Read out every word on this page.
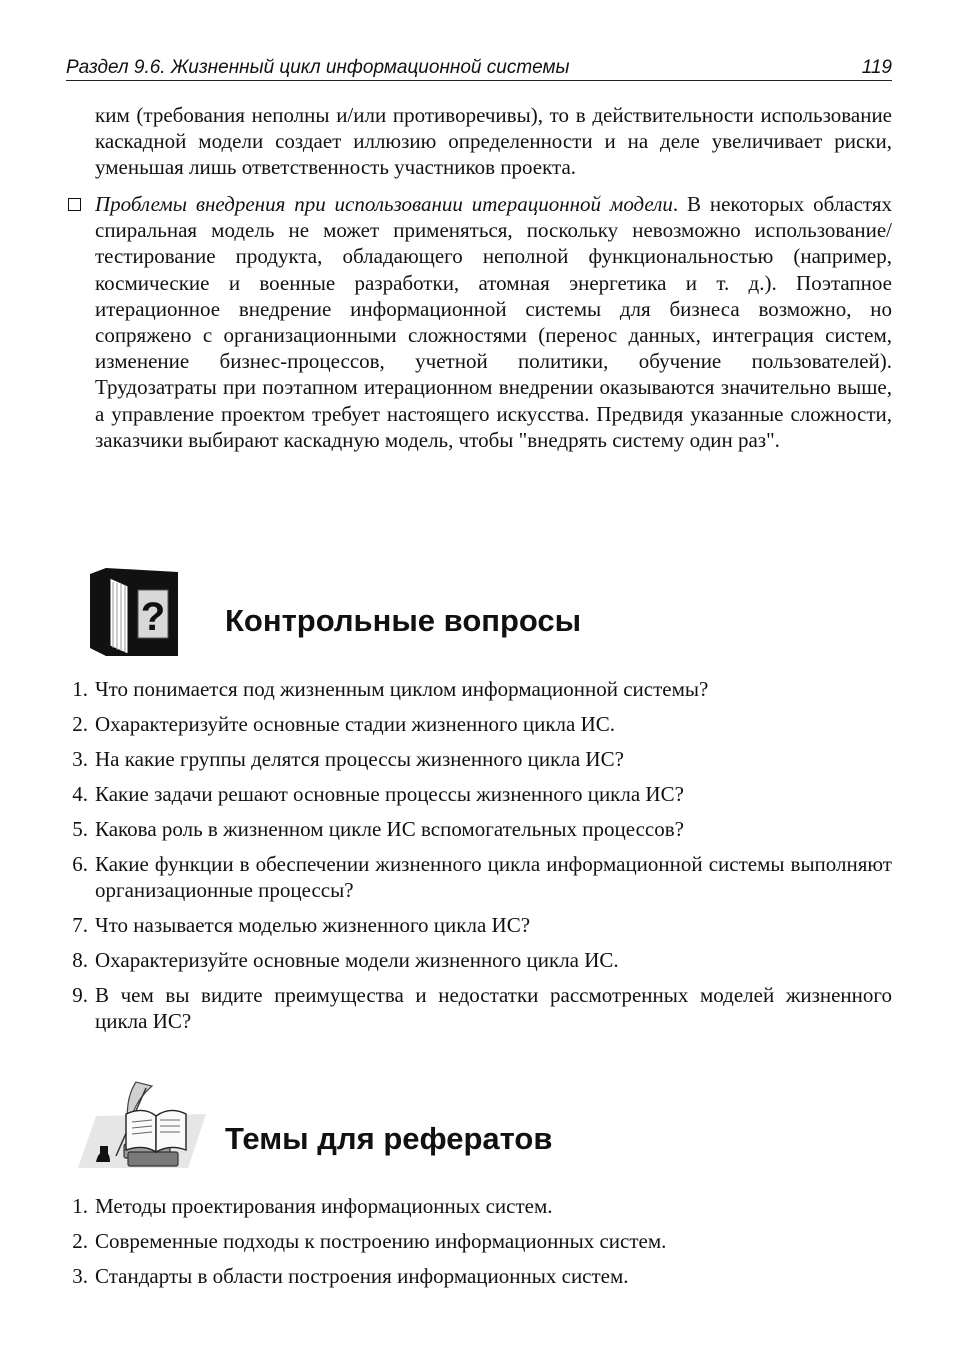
Раздел 9.6. Жизненный цикл информационной системы	119

ким (требования неполны и/или противоречивы), то в действительности использование каскадной модели создает иллюзию определенности и на деле увеличивает риски, уменьшая лишь ответственность участников проекта.

Проблемы внедрения при использовании итерационной модели. В некоторых областях спиральная модель не может применяться, поскольку невозможно использование/тестирование продукта, обладающего неполной функциональностью (например, космические и военные разработки, атомная энергетика и т. д.). Поэтапное итерационное внедрение информационной системы для бизнеса возможно, но сопряжено с организационными сложностями (перенос данных, интеграция систем, изменение бизнес-процессов, учетной политики, обучение пользователей). Трудозатраты при поэтапном итерационном внедрении оказываются значительно выше, а управление проектом требует настоящего искусства. Предвидя указанные сложности, заказчики выбирают каскадную модель, чтобы "внедрять систему один раз".

? Контрольные вопросы
1. Что понимается под жизненным циклом информационной системы?
2. Охарактеризуйте основные стадии жизненного цикла ИС.
3. На какие группы делятся процессы жизненного цикла ИС?
4. Какие задачи решают основные процессы жизненного цикла ИС?
5. Какова роль в жизненном цикле ИС вспомогательных процессов?
6. Какие функции в обеспечении жизненного цикла информационной системы выполняют организационные процессы?
7. Что называется моделью жизненного цикла ИС?
8. Охарактеризуйте основные модели жизненного цикла ИС.
9. В чем вы видите преимущества и недостатки рассмотренных моделей жизненного цикла ИС?
Темы для рефератов
1. Методы проектирования информационных систем.
2. Современные подходы к построению информационных систем.
3. Стандарты в области построения информационных систем.
